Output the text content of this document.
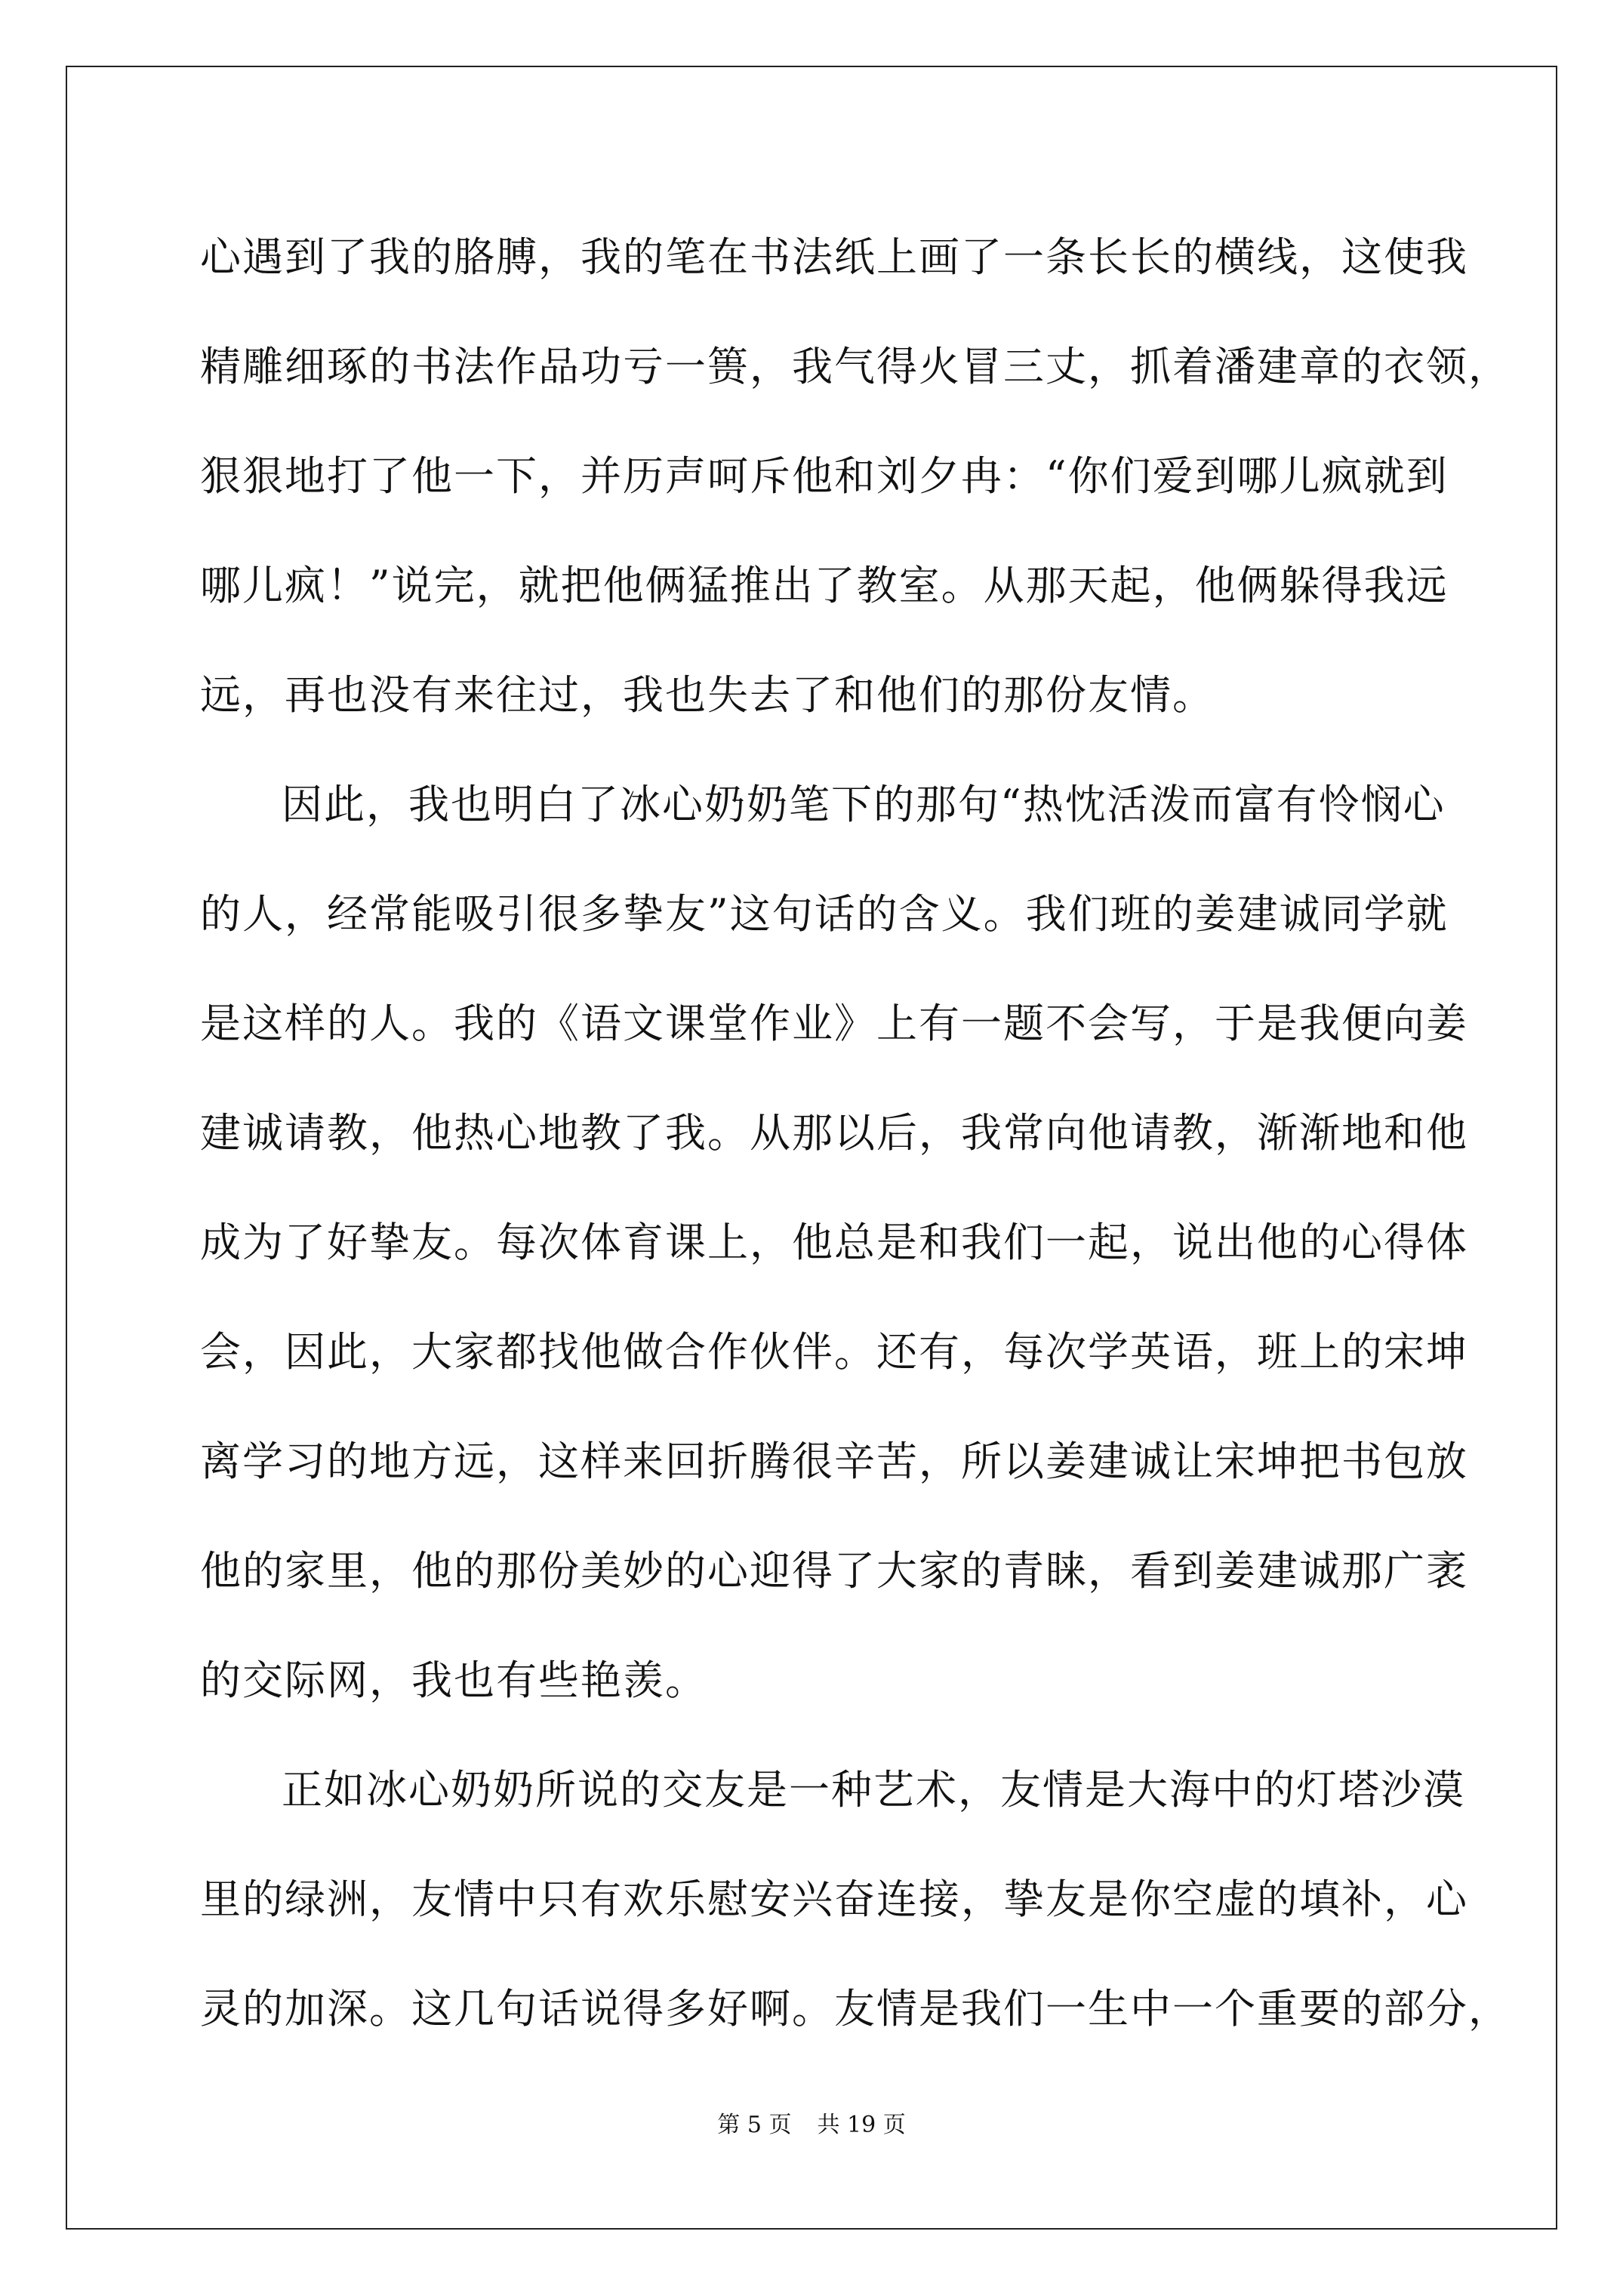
心遇到了我的胳膊，我的笔在书法纸上画了一条长长的横线，这使我

精雕细琢的书法作品功亏一篑，我气得火冒三丈，抓着潘建章的衣领，

狠狠地打了他一下，并历声呵斥他和刘夕冉：“你们爱到哪儿疯就到

哪儿疯！”说完，就把他俩猛推出了教室。从那天起，他俩躲得我远

远，再也没有来往过，我也失去了和他们的那份友情。

因此，我也明白了冰心奶奶笔下的那句“热忱活泼而富有怜悯心

的人，经常能吸引很多挚友”这句话的含义。我们班的姜建诚同学就

是这样的人。我的《语文课堂作业》上有一题不会写，于是我便向姜

建诚请教，他热心地教了我。从那以后，我常向他请教，渐渐地和他

成为了好挚友。每次体育课上，他总是和我们一起，说出他的心得体

会，因此，大家都找他做合作伙伴。还有，每次学英语，班上的宋坤

离学习的地方远，这样来回折腾很辛苦，所以姜建诚让宋坤把书包放

他的家里，他的那份美妙的心迎得了大家的青睐，看到姜建诚那广袤

的交际网，我也有些艳羡。

正如冰心奶奶所说的交友是一种艺术，友情是大海中的灯塔沙漠

里的绿洲，友情中只有欢乐慰安兴奋连接，挚友是你空虚的填补，心

灵的加深。这几句话说得多好啊。友情是我们一生中一个重要的部分，

第 5 页 共 19 页
